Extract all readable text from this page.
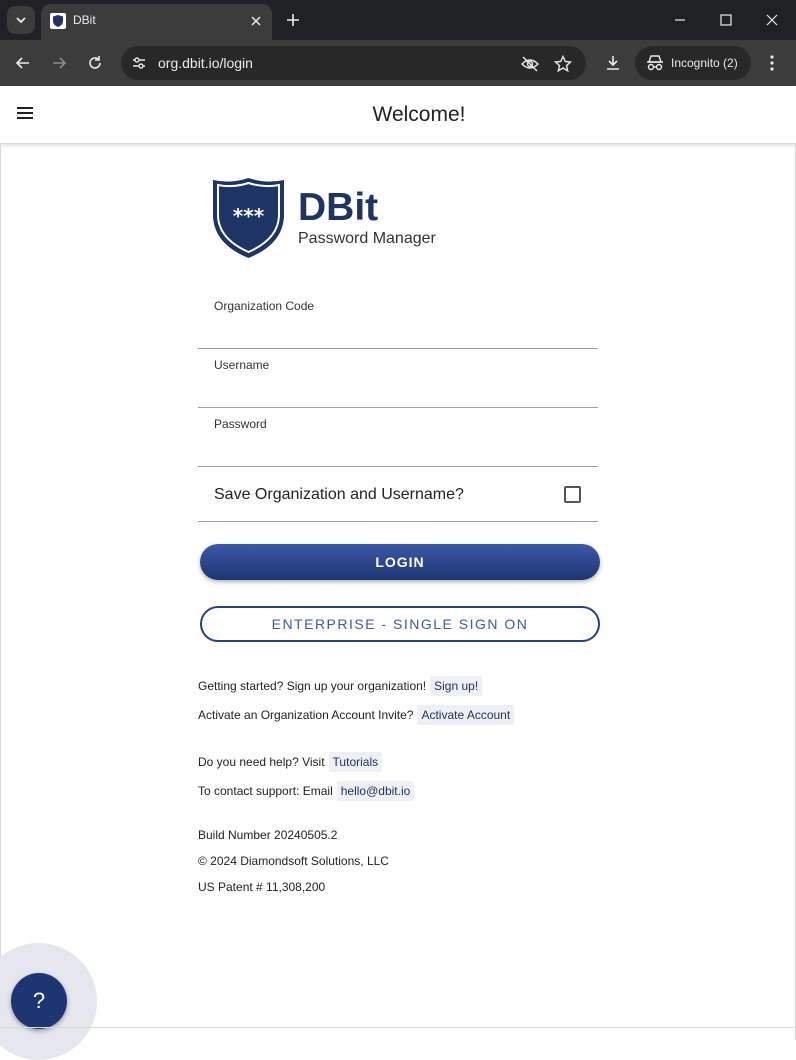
DBit
org.dbit.io/login	Incognito (2)
Welcome!
*** DBit
Password Manager
Organization Code
Username
Password
Save Organization and Username?
LOGIN
ENTERPRISE - SINGLE SIGN ON
Getting started? Sign up your organization! Sign up!
Activate an Organization Account Invite? Activate Account
Do you need help? Visit Tutorials
To contact support: Email hello@dbit.io
Build Number 20240505.2
© 2024 Diamondsoft Solutions, LLC
US Patent # 11,308,200
?
